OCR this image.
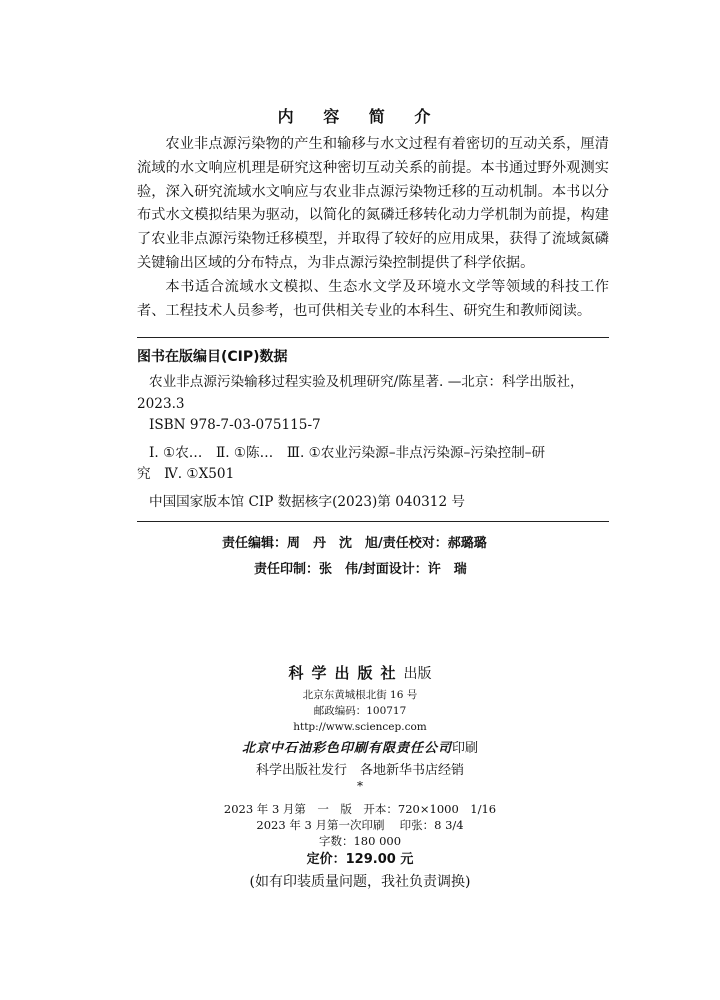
内 容 简 介

农业非点源污染物的产生和输移与水文过程有着密切的互动关系，厘清流域的水文响应机理是研究这种密切互动关系的前提。本书通过野外观测实验，深入研究流域水文响应与农业非点源污染物迁移的互动机制。本书以分布式水文模拟结果为驱动，以简化的氮磷迁移转化动力学机制为前提，构建了农业非点源污染物迁移模型，并取得了较好的应用成果，获得了流域氮磷关键输出区域的分布特点，为非点源污染控制提供了科学依据。

本书适合流域水文模拟、生态水文学及环境水文学等领域的科技工作者、工程技术人员参考，也可供相关专业的本科生、研究生和教师阅读。

图书在版编目(CIP)数据
农业非点源污染输移过程实验及机理研究/陈星著. —北京：科学出版社，
2023.3
ISBN 978-7-03-075115-7
Ⅰ. ①农…　Ⅱ. ①陈…　Ⅲ. ①农业污染源–非点污染源–污染控制–研
究　Ⅳ. ①X501
中国国家版本馆 CIP 数据核字(2023)第 040312 号
责任编辑：周　丹　沈　旭/责任校对：郝璐璐
责任印制：张　伟/封面设计：许　瑞
科学出版社出版
北京东黄城根北街 16 号
邮政编码：100717
http://www.sciencep.com
北京中石油彩色印刷有限责任公司印刷
科学出版社发行　各地新华书店经销
*
2023 年 3 月第　一　版　开本：720×1000　1/16
2023 年 3 月第一次印刷　 印张：8 3/4
字数：180 000
定价：129.00 元
(如有印装质量问题，我社负责调换)
